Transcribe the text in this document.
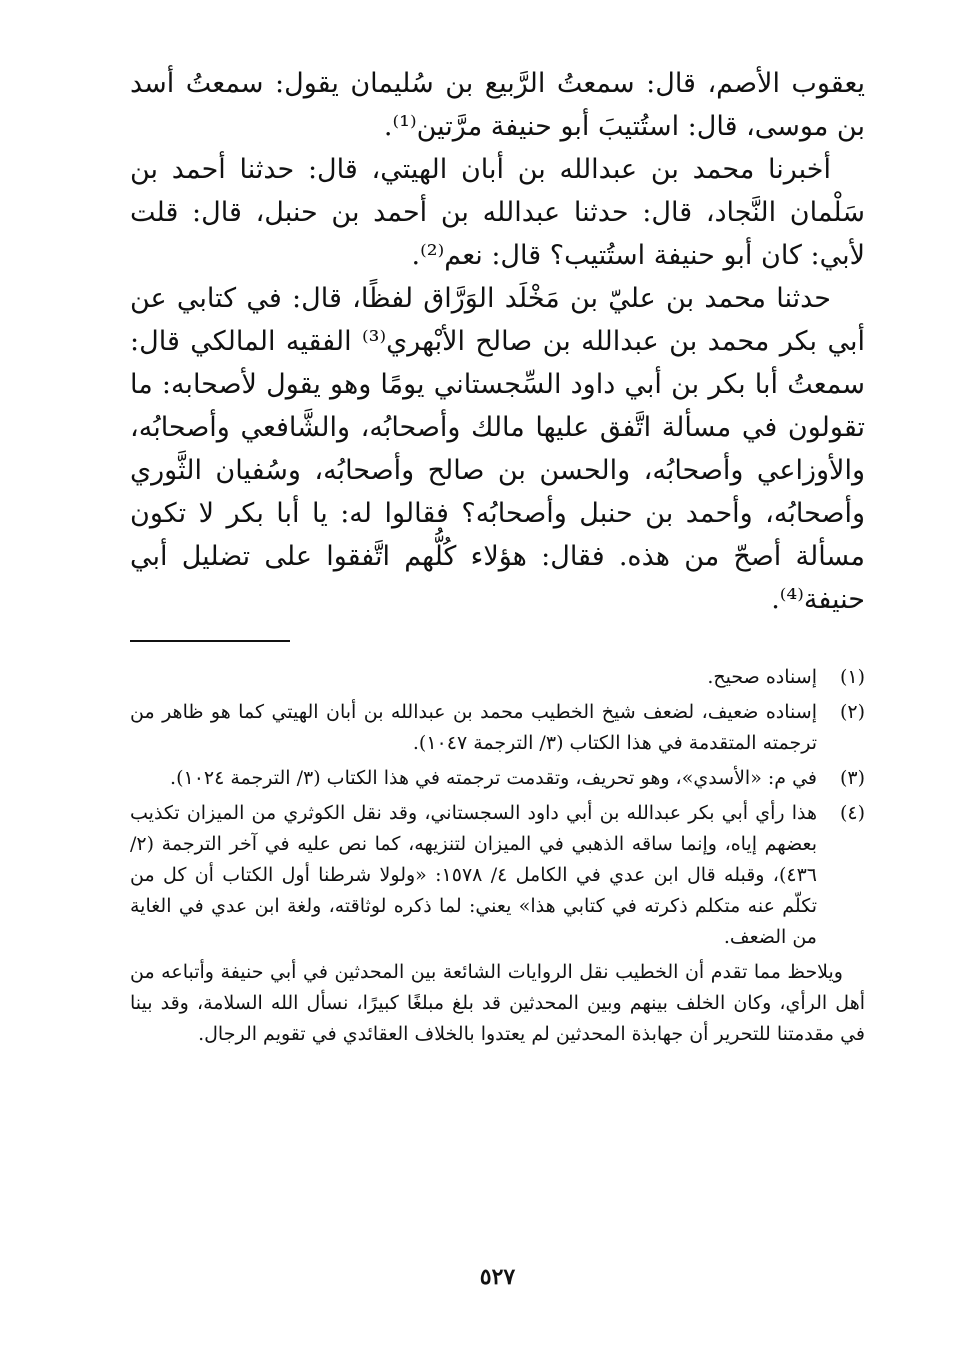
يعقوب الأصم، قال: سمعتُ الرَّبيع بن سُليمان يقول: سمعتُ أسد بن موسى، قال: استُتيبَ أبو حنيفة مرَّتين⁽¹⁾.

أخبرنا محمد بن عبدالله بن أبان الهيتي، قال: حدثنا أحمد بن سَلْمان النَّجاد، قال: حدثنا عبدالله بن أحمد بن حنبل، قال: قلت لأبي: كان أبو حنيفة استُتيب؟ قال: نعم⁽²⁾.

حدثنا محمد بن عليّ بن مَخْلَد الوَرَّاق لفظًا، قال: في كتابي عن أبي بكر محمد بن عبدالله بن صالح الأبْهري⁽³⁾ الفقيه المالكي قال: سمعتُ أبا بكر بن أبي داود السِّجستاني يومًا وهو يقول لأصحابه: ما تقولون في مسألة اتَّفق عليها مالك وأصحابُه، والشَّافعي وأصحابُه، والأوزاعي وأصحابُه، والحسن بن صالح وأصحابُه، وسُفيان الثَّوري وأصحابُه، وأحمد بن حنبل وأصحابُه؟ فقالوا له: يا أبا بكر لا تكون مسألة أصحّ من هذه. فقال: هؤلاء كُلُّهم اتَّفقوا على تضليل أبي حنيفة⁽⁴⁾.

(١)
إسناده صحيح.
(٢)
إسناده ضعيف، لضعف شيخ الخطيب محمد بن عبدالله بن أبان الهيتي كما هو ظاهر من ترجمته المتقدمة في هذا الكتاب (٣/ الترجمة ١٠٤٧).
(٣)
في م: «الأسدي»، وهو تحريف، وتقدمت ترجمته في هذا الكتاب (٣/ الترجمة ١٠٢٤).
(٤)
هذا رأي أبي بكر عبدالله بن أبي داود السجستاني، وقد نقل الكوثري من الميزان تكذيب بعضهم إياه، وإنما ساقه الذهبي في الميزان لتنزيهه، كما نص عليه في آخر الترجمة (٢/ ٤٣٦)، وقبله قال ابن عدي في الكامل ٤/ ١٥٧٨: «ولولا شرطنا أول الكتاب أن كل من تكلّم عنه متكلم ذكرته في كتابي هذا» يعني: لما ذكره لوثاقته، ولغة ابن عدي في الغاية من الضعف.

ويلاحظ مما تقدم أن الخطيب نقل الروايات الشائعة بين المحدثين في أبي حنيفة وأتباعه من أهل الرأي، وكان الخلف بينهم وبين المحدثين قد بلغ مبلغًا كبيرًا، نسأل الله السلامة، وقد بينا في مقدمتنا للتحرير أن جهابذة المحدثين لم يعتدوا بالخلاف العقائدي في تقويم الرجال.

٥٢٧
